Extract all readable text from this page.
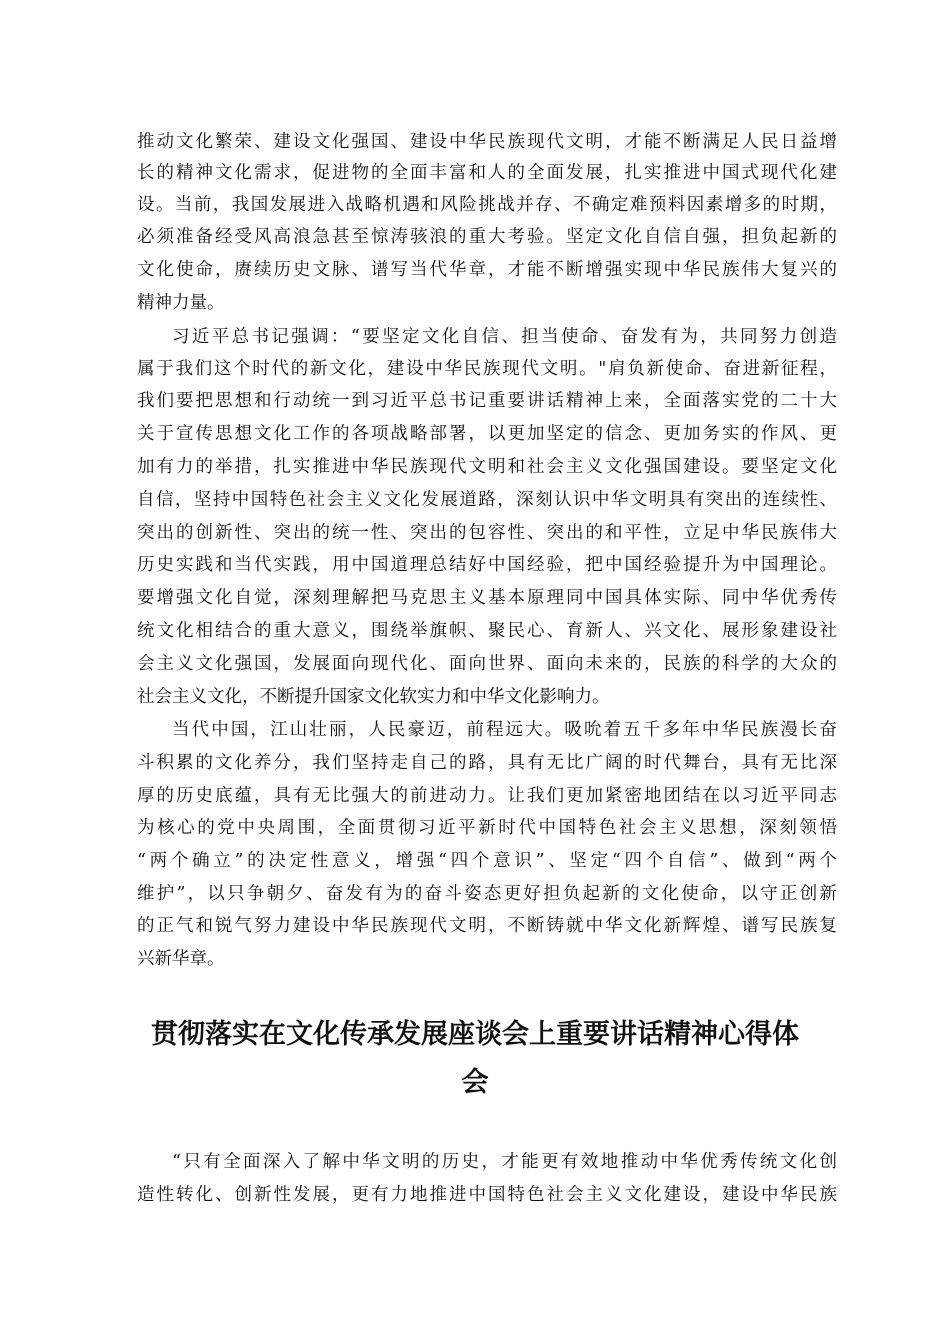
推动文化繁荣、建设文化强国、建设中华民族现代文明，才能不断满足人民日益增
长的精神文化需求，促进物的全面丰富和人的全面发展，扎实推进中国式现代化建
设。当前，我国发展进入战略机遇和风险挑战并存、不确定难预料因素增多的时期，
必须准备经受风高浪急甚至惊涛骇浪的重大考验。坚定文化自信自强，担负起新的
文化使命，赓续历史文脉、谱写当代华章，才能不断增强实现中华民族伟大复兴的
精神力量。
习近平总书记强调：“要坚定文化自信、担当使命、奋发有为，共同努力创造
属于我们这个时代的新文化，建设中华民族现代文明。"肩负新使命、奋进新征程，
我们要把思想和行动统一到习近平总书记重要讲话精神上来，全面落实党的二十大
关于宣传思想文化工作的各项战略部署，以更加坚定的信念、更加务实的作风、更
加有力的举措，扎实推进中华民族现代文明和社会主义文化强国建设。要坚定文化
自信，坚持中国特色社会主义文化发展道路，深刻认识中华文明具有突出的连续性、
突出的创新性、突出的统一性、突出的包容性、突出的和平性，立足中华民族伟大
历史实践和当代实践，用中国道理总结好中国经验，把中国经验提升为中国理论。
要增强文化自觉，深刻理解把马克思主义基本原理同中国具体实际、同中华优秀传
统文化相结合的重大意义，围绕举旗帜、聚民心、育新人、兴文化、展形象建设社
会主义文化强国，发展面向现代化、面向世界、面向未来的，民族的科学的大众的
社会主义文化，不断提升国家文化软实力和中华文化影响力。
当代中国，江山壮丽，人民豪迈，前程远大。吸吮着五千多年中华民族漫长奋
斗积累的文化养分，我们坚持走自己的路，具有无比广阔的时代舞台，具有无比深
厚的历史底蕴，具有无比强大的前进动力。让我们更加紧密地团结在以习近平同志
为核心的党中央周围，全面贯彻习近平新时代中国特色社会主义思想，深刻领悟
“两个确立”的决定性意义，增强“四个意识”、坚定“四个自信”、做到“两个
维护”，以只争朝夕、奋发有为的奋斗姿态更好担负起新的文化使命，以守正创新
的正气和锐气努力建设中华民族现代文明，不断铸就中华文化新辉煌、谱写民族复
兴新华章。
贯彻落实在文化传承发展座谈会上重要讲话精神心得体
会
“只有全面深入了解中华文明的历史，才能更有效地推动中华优秀传统文化创
造性转化、创新性发展，更有力地推进中国特色社会主义文化建设，建设中华民族
